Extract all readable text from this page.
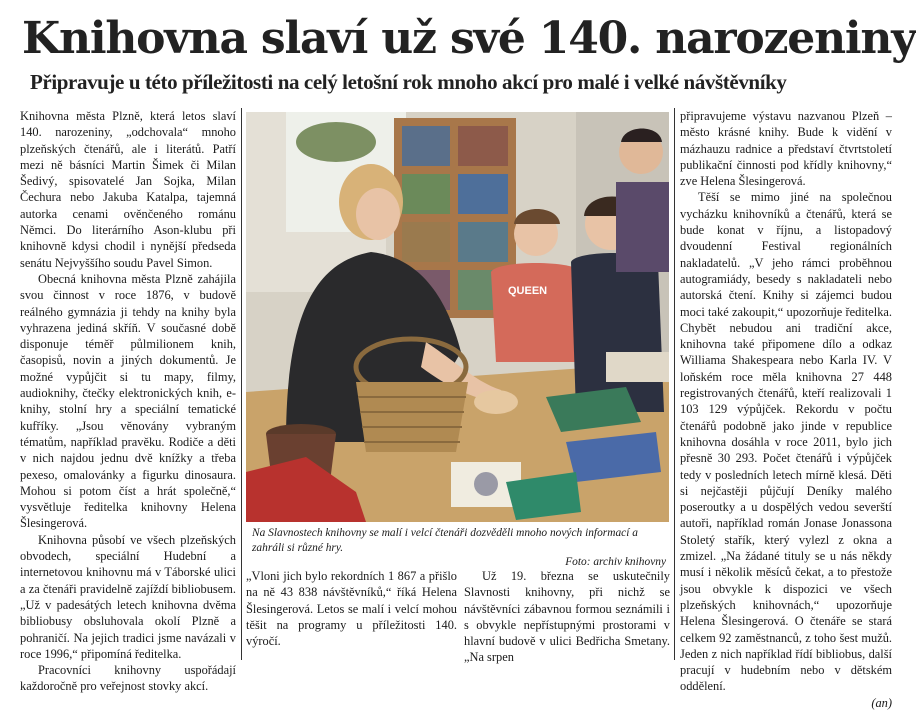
Knihovna slaví už své 140. narozeniny
Připravuje u této příležitosti na celý letošní rok mnoho akcí pro malé i velké návštěvníky

Knihovna města Plzně, která letos slaví 140. narozeniny, „odchovala“ mnoho plzeňských čtenářů, ale i literátů. Patří mezi ně básníci Martin Šimek či Milan Šedivý, spisovatelé Jan Sojka, Milan Čechura nebo Jakuba Katalpa, tajemná autorka cenami ověnčeného románu Němci. Do literárního Ason-klubu při knihovně kdysi chodil i nynější předseda senátu Nejvyššího soudu Pavel Simon.

Obecná knihovna města Plzně zahájila svou činnost v roce 1876, v budově reálného gymnázia ji tehdy na knihy byla vyhrazena jediná skříň. V současné době disponuje téměř půlmilionem knih, časopisů, novin a jiných dokumentů. Je možné vypůjčit si tu mapy, filmy, audioknihy, čtečky elektronických knih, e-knihy, stolní hry a speciální tematické kufříky. „Jsou věnovány vybraným tématům, například pravěku. Rodiče a děti v nich najdou jednu dvě knížky a třeba pexeso, omalovánky a figurku dinosaura. Mohou si potom číst a hrát společně,“ vysvětluje ředitelka knihovny Helena Šlesingerová.

Knihovna působí ve všech plzeňských obvodech, speciální Hudební a internetovou knihovnu má v Táborské ulici a za čtenáři pravidelně zajíždí bibliobusem. „Už v padesátých letech knihovna dvěma bibliobusy obsluhovala okolí Plzně a pohraničí. Na jejich tradici jsme navázali v roce 1996,“ připomíná ředitelka.

Pracovníci knihovny uspořádají každoročně pro veřejnost stovky akcí.

QUEEN

Na Slavnostech knihovny se malí i velcí čtenáři dozvěděli mnoho nových informací a zahráli si různé hry.
Foto: archiv knihovny

„Vloni jich bylo rekordních 1 867 a přišlo na ně 43 838 návštěvníků,“ říká Helena Šlesingerová. Letos se malí i velcí mohou těšit na programy u příležitosti 140. výročí.

Už 19. března se uskutečnily Slavnosti knihovny, při nichž se návštěvníci zábavnou formou seznámili i s obvykle nepřístupnými prostorami v hlavní budově v ulici Bedřicha Smetany. „Na srpen

připravujeme výstavu nazvanou Plzeň – město krásné knihy. Bude k vidění v mázhauzu radnice a představí čtvrtstoletí publikační činnosti pod křídly knihovny,“ zve Helena Šlesingerová.

Těší se mimo jiné na společnou vycházku knihovníků a čtenářů, která se bude konat v říjnu, a listopadový dvoudenní Festival regionálních nakladatelů. „V jeho rámci proběhnou autogramiády, besedy s nakladateli nebo autorská čtení. Knihy si zájemci budou moci také zakoupit,“ upozorňuje ředitelka. Chybět nebudou ani tradiční akce, knihovna také připomene dílo a odkaz Williama Shakespeara nebo Karla IV. V loňském roce měla knihovna 27 448 registrovaných čtenářů, kteří realizovali 1 103 129 výpůjček. Rekordu v počtu čtenářů podobně jako jinde v republice knihovna dosáhla v roce 2011, bylo jich přesně 30 293. Počet čtenářů i výpůjček tedy v posledních letech mírně klesá. Děti si nejčastěji půjčují Deníky malého poseroutky a u dospělých vedou severští autoři, například román Jonase Jonassona Stoletý stařík, který vylezl z okna a zmizel. „Na žádané tituly se u nás někdy musí i několik měsíců čekat, a to přestože jsou obvykle k dispozici ve všech plzeňských knihovnách,“ upozorňuje Helena Šlesingerová. O čtenáře se stará celkem 92 zaměstnanců, z toho šest mužů. Jeden z nich například řídí bibliobus, další pracují v hudebním nebo v dětském oddělení.

(an)
